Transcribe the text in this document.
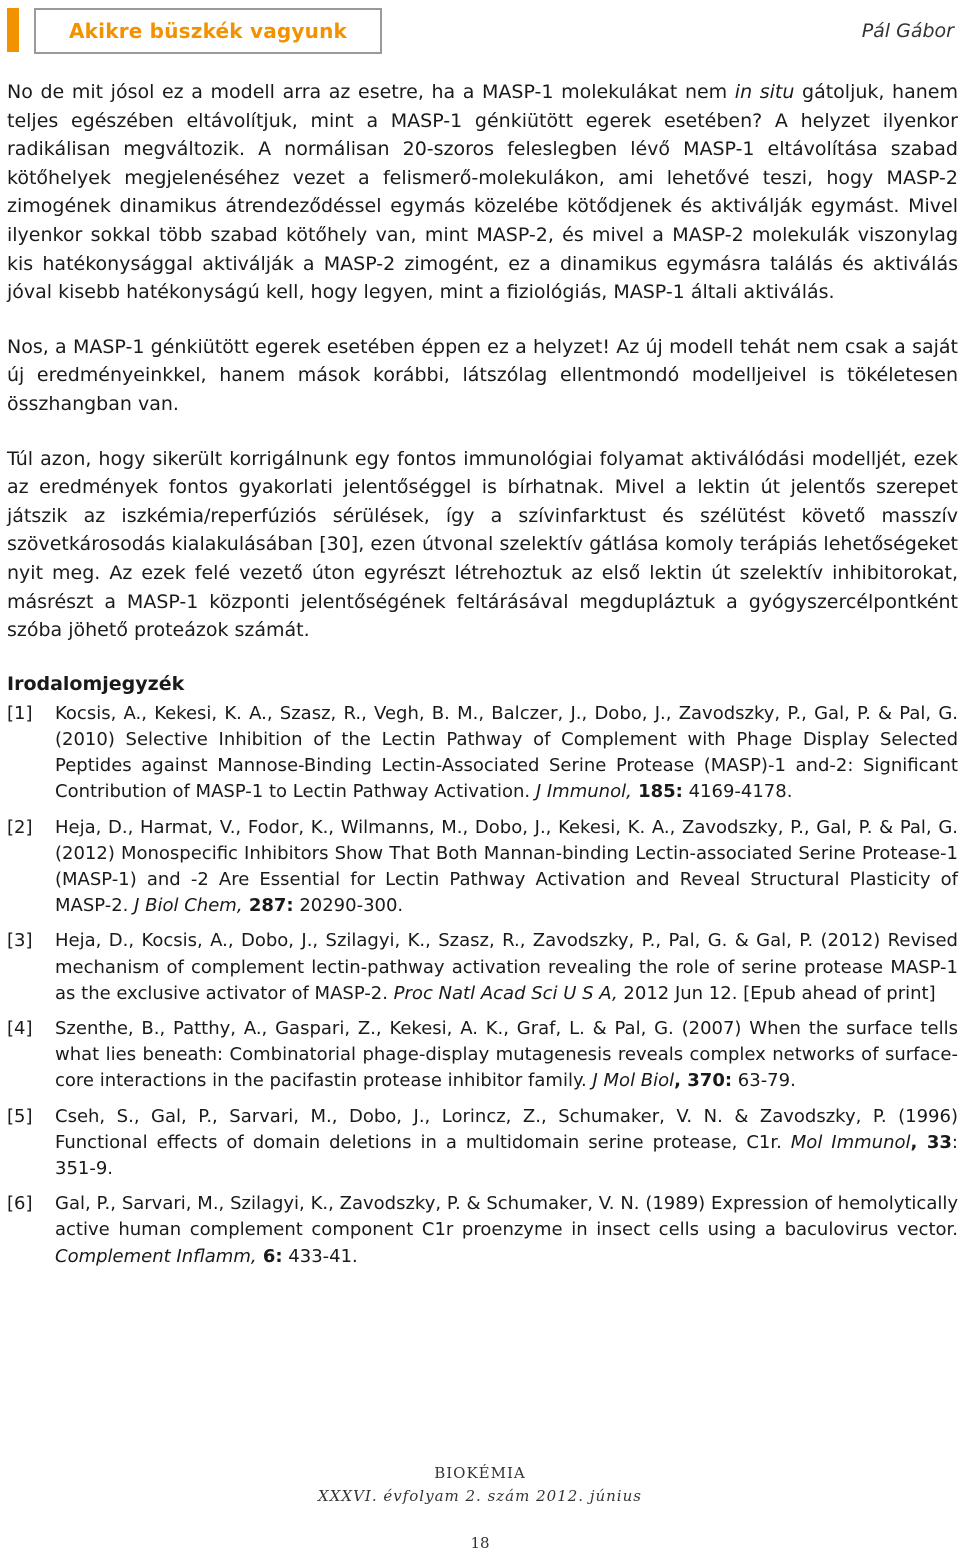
Akikre büszkék vagyunk	Pál Gábor

No de mit jósol ez a modell arra az esetre, ha a MASP-1 molekulákat nem in situ gátoljuk, hanem teljes egészében eltávolítjuk, mint a MASP-1 génkiütött egerek esetében? A helyzet ilyenkor radikálisan megváltozik. A normálisan 20-szoros feleslegben lévő MASP-1 eltávolítása szabad kötőhelyek megjelenéséhez vezet a felismerő-molekulákon, ami lehetővé teszi, hogy MASP-2 zimogének dinamikus átrendeződéssel egymás közelébe kötődjenek és aktiválják egymást. Mivel ilyenkor sokkal több szabad kötőhely van, mint MASP-2, és mivel a MASP-2 molekulák viszonylag kis hatékonysággal aktiválják a MASP-2 zimogént, ez a dinamikus egymásra találás és aktiválás jóval kisebb hatékonyságú kell, hogy legyen, mint a fiziológiás, MASP-1 általi aktiválás.

Nos, a MASP-1 génkiütött egerek esetében éppen ez a helyzet! Az új modell tehát nem csak a saját új eredményeinkkel, hanem mások korábbi, látszólag ellentmondó modelljeivel is tökéletesen összhangban van.

Túl azon, hogy sikerült korrigálnunk egy fontos immunológiai folyamat aktiválódási modelljét, ezek az eredmények fontos gyakorlati jelentőséggel is bírhatnak. Mivel a lektin út jelentős szerepet játszik az iszkémia/reperfúziós sérülések, így a szívinfarktust és szélütést követő masszív szövetkárosodás kialakulásában [30], ezen útvonal szelektív gátlása komoly terápiás lehetőségeket nyit meg. Az ezek felé vezető úton egyrészt létrehoztuk az első lektin út szelektív inhibitorokat, másrészt a MASP-1 központi jelentőségének feltárásával megdupláztuk a gyógyszercélpontként szóba jöhető proteázok számát.

Irodalomjegyzék
[1]	Kocsis, A., Kekesi, K. A., Szasz, R., Vegh, B. M., Balczer, J., Dobo, J., Zavodszky, P., Gal, P. & Pal, G. (2010) Selective Inhibition of the Lectin Pathway of Complement with Phage Display Selected Peptides against Mannose-Binding Lectin-Associated Serine Protease (MASP)-1 and-2: Significant Contribution of MASP-1 to Lectin Pathway Activation. J Immunol, 185: 4169-4178.
[2]	Heja, D., Harmat, V., Fodor, K., Wilmanns, M., Dobo, J., Kekesi, K. A., Zavodszky, P., Gal, P. & Pal, G. (2012) Monospecific Inhibitors Show That Both Mannan-binding Lectin-associated Serine Protease-1 (MASP-1) and -2 Are Essential for Lectin Pathway Activation and Reveal Structural Plasticity of MASP-2. J Biol Chem, 287: 20290-300.
[3]	Heja, D., Kocsis, A., Dobo, J., Szilagyi, K., Szasz, R., Zavodszky, P., Pal, G. & Gal, P. (2012) Revised mechanism of complement lectin-pathway activation revealing the role of serine protease MASP-1 as the exclusive activator of MASP-2. Proc Natl Acad Sci U S A, 2012 Jun 12. [Epub ahead of print]
[4]	Szenthe, B., Patthy, A., Gaspari, Z., Kekesi, A. K., Graf, L. & Pal, G. (2007) When the surface tells what lies beneath: Combinatorial phage-display mutagenesis reveals complex networks of surface-core interactions in the pacifastin protease inhibitor family. J Mol Biol, 370: 63-79.
[5]	Cseh, S., Gal, P., Sarvari, M., Dobo, J., Lorincz, Z., Schumaker, V. N. & Zavodszky, P. (1996) Functional effects of domain deletions in a multidomain serine protease, C1r. Mol Immunol, 33: 351-9.
[6]	Gal, P., Sarvari, M., Szilagyi, K., Zavodszky, P. & Schumaker, V. N. (1989) Expression of hemolytically active human complement component C1r proenzyme in insect cells using a baculovirus vector. Complement Inflamm, 6: 433-41.
BIOKÉMIA
XXXVI. évfolyam 2. szám 2012. június
18
